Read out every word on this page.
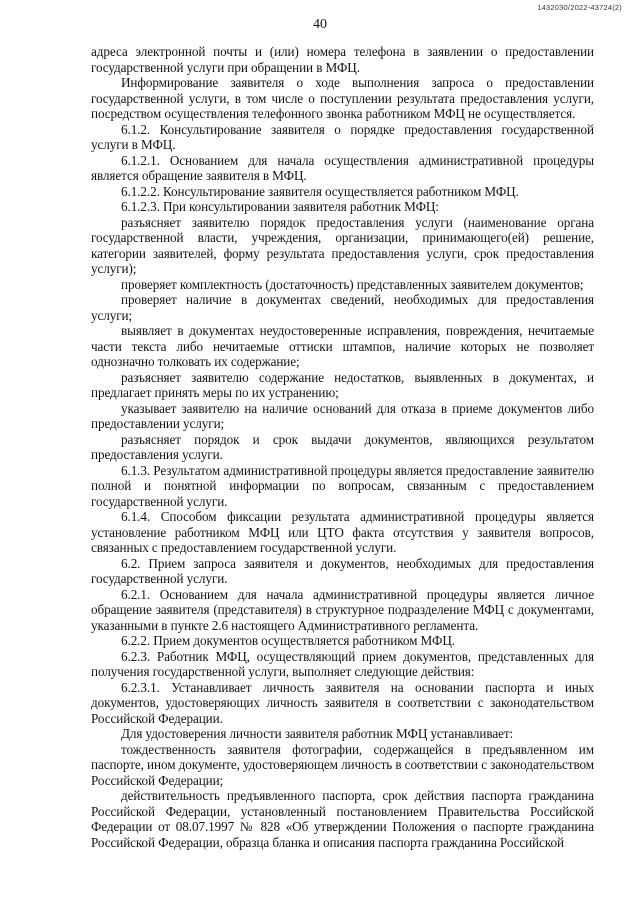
1432030/2022-43724(2)
40

адреса электронной почты и (или) номера телефона в заявлении о предоставлении государственной услуги при обращении в МФЦ.

Информирование заявителя о ходе выполнения запроса о предоставлении государственной услуги, в том числе о поступлении результата предоставления услуги, посредством осуществления телефонного звонка работником МФЦ не осуществляется.

6.1.2. Консультирование заявителя о порядке предоставления государственной услуги в МФЦ.

6.1.2.1. Основанием для начала осуществления административной процедуры является обращение заявителя в МФЦ.

6.1.2.2. Консультирование заявителя осуществляется работником МФЦ.

6.1.2.3. При консультировании заявителя работник МФЦ:

разъясняет заявителю порядок предоставления услуги (наименование органа государственной власти, учреждения, организации, принимающего(ей) решение, категории заявителей, форму результата предоставления услуги, срок предоставления услуги);

проверяет комплектность (достаточность) представленных заявителем документов;

проверяет наличие в документах сведений, необходимых для предоставления услуги;

выявляет в документах неудостоверенные исправления, повреждения, нечитаемые части текста либо нечитаемые оттиски штампов, наличие которых не позволяет однозначно толковать их содержание;

разъясняет заявителю содержание недостатков, выявленных в документах, и предлагает принять меры по их устранению;

указывает заявителю на наличие оснований для отказа в приеме документов либо предоставлении услуги;

разъясняет порядок и срок выдачи документов, являющихся результатом предоставления услуги.

6.1.3. Результатом административной процедуры является предоставление заявителю полной и понятной информации по вопросам, связанным с предоставлением государственной услуги.

6.1.4. Способом фиксации результата административной процедуры является установление работником МФЦ или ЦТО факта отсутствия у заявителя вопросов, связанных с предоставлением государственной услуги.

6.2. Прием запроса заявителя и документов, необходимых для предоставления государственной услуги.

6.2.1. Основанием для начала административной процедуры является личное обращение заявителя (представителя) в структурное подразделение МФЦ с документами, указанными в пункте 2.6 настоящего Административного регламента.

6.2.2. Прием документов осуществляется работником МФЦ.

6.2.3. Работник МФЦ, осуществляющий прием документов, представленных для получения государственной услуги, выполняет следующие действия:

6.2.3.1. Устанавливает личность заявителя на основании паспорта и иных документов, удостоверяющих личность заявителя в соответствии с законодательством Российской Федерации.

Для удостоверения личности заявителя работник МФЦ устанавливает:

тождественность заявителя фотографии, содержащейся в предъявленном им паспорте, ином документе, удостоверяющем личность в соответствии с законодательством Российской Федерации;

действительность предъявленного паспорта, срок действия паспорта гражданина Российской Федерации, установленный постановлением Правительства Российской Федерации от 08.07.1997 № 828 «Об утверждении Положения о паспорте гражданина Российской Федерации, образца бланка и описания паспорта гражданина Российской
